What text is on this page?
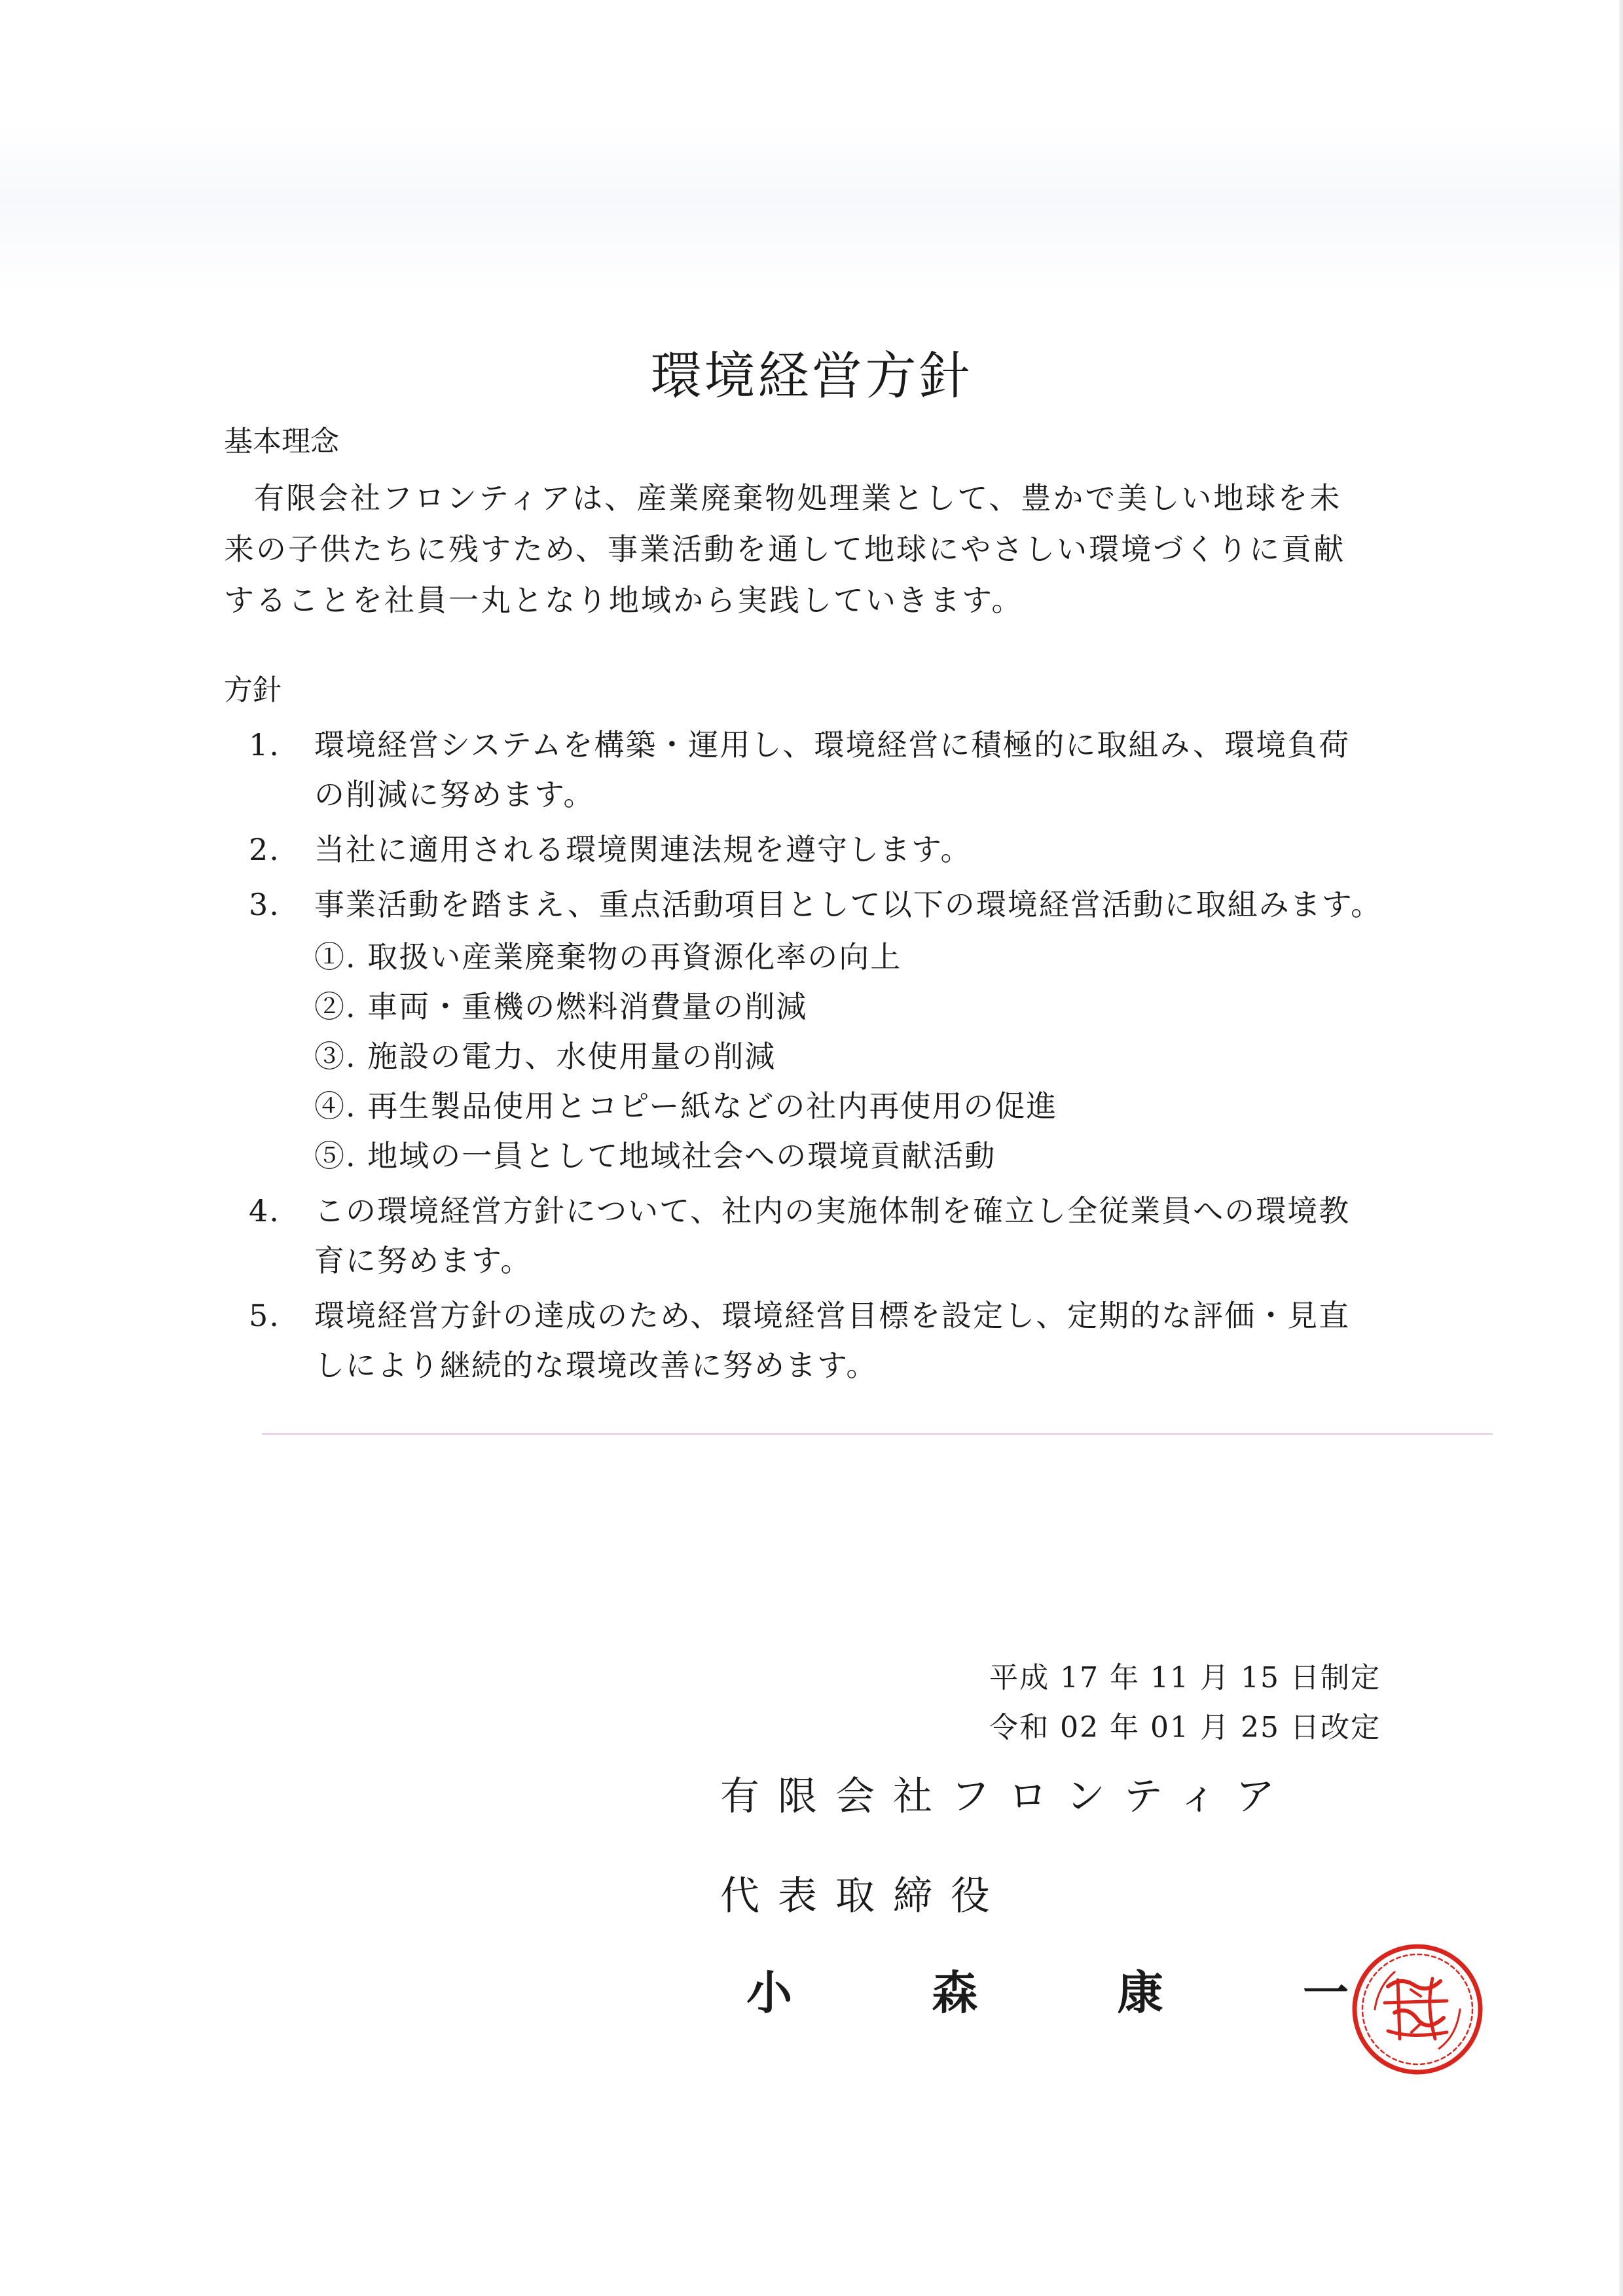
環境経営方針
基本理念
有限会社フロンティアは、産業廃棄物処理業として、豊かで美しい地球を未
来の子供たちに残すため、事業活動を通して地球にやさしい環境づくりに貢献
することを社員一丸となり地域から実践していきます。
方針
1.	環境経営システムを構築・運用し、環境経営に積極的に取組み、環境負荷
の削減に努めます。
2.	当社に適用される環境関連法規を遵守します。
3.	事業活動を踏まえ、重点活動項目として以下の環境経営活動に取組みます。
①. 取扱い産業廃棄物の再資源化率の向上
②. 車両・重機の燃料消費量の削減
③. 施設の電力、水使用量の削減
④. 再生製品使用とコピー紙などの社内再使用の促進
⑤. 地域の一員として地域社会への環境貢献活動
4.	この環境経営方針について、社内の実施体制を確立し全従業員への環境教
育に努めます。
5.	環境経営方針の達成のため、環境経営目標を設定し、定期的な評価・見直
しにより継続的な環境改善に努めます。
平成 17 年 11 月 15 日制定
令和 02 年 01 月 25 日改定
有限会社フロンティア
代表取締役
小	森	康	一
